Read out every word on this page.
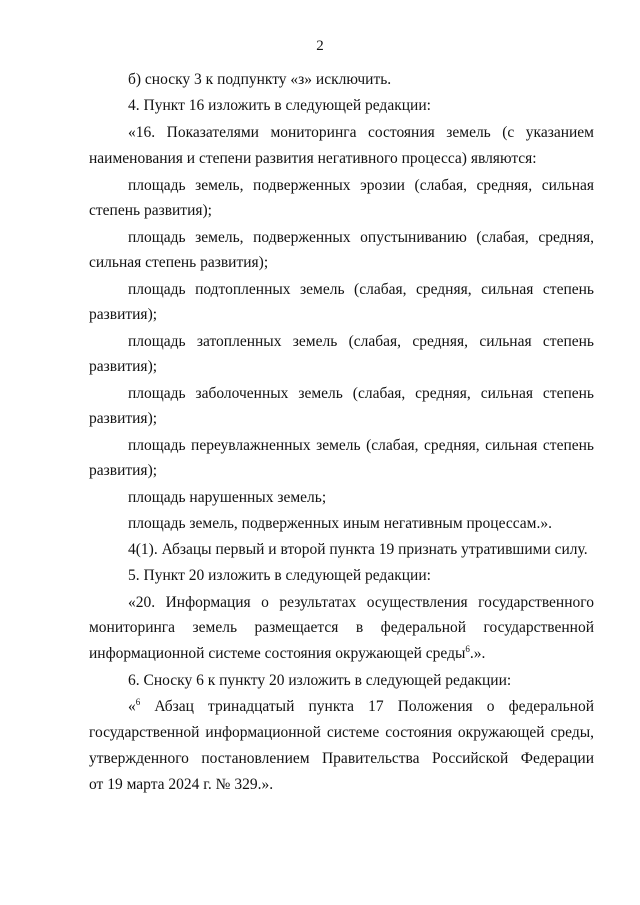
2
б) сноску 3 к подпункту «з» исключить.
4. Пункт 16 изложить в следующей редакции:
«16. Показателями мониторинга состояния земель (с указанием
наименования и степени развития негативного процесса) являются:
площадь земель, подверженных эрозии (слабая, средняя, сильная
степень развития);
площадь земель, подверженных опустыниванию (слабая, средняя,
сильная степень развития);
площадь подтопленных земель (слабая, средняя, сильная степень
развития);
площадь затопленных земель (слабая, средняя, сильная степень
развития);
площадь заболоченных земель (слабая, средняя, сильная степень
развития);
площадь переувлажненных земель (слабая, средняя, сильная степень
развития);
площадь нарушенных земель;
площадь земель, подверженных иным негативным процессам.».
4(1). Абзацы первый и второй пункта 19 признать утратившими силу.
5. Пункт 20 изложить в следующей редакции:
«20. Информация о результатах осуществления государственного
мониторинга земель размещается в федеральной государственной
информационной системе состояния окружающей среды$^6$.».
6. Сноску 6 к пункту 20 изложить в следующей редакции:
«$^6$ Абзац тринадцатый пункта 17 Положения о федеральной
государственной информационной системе состояния окружающей среды,
утвержденного постановлением Правительства Российской Федерации
от 19 марта 2024 г. № 329.».
